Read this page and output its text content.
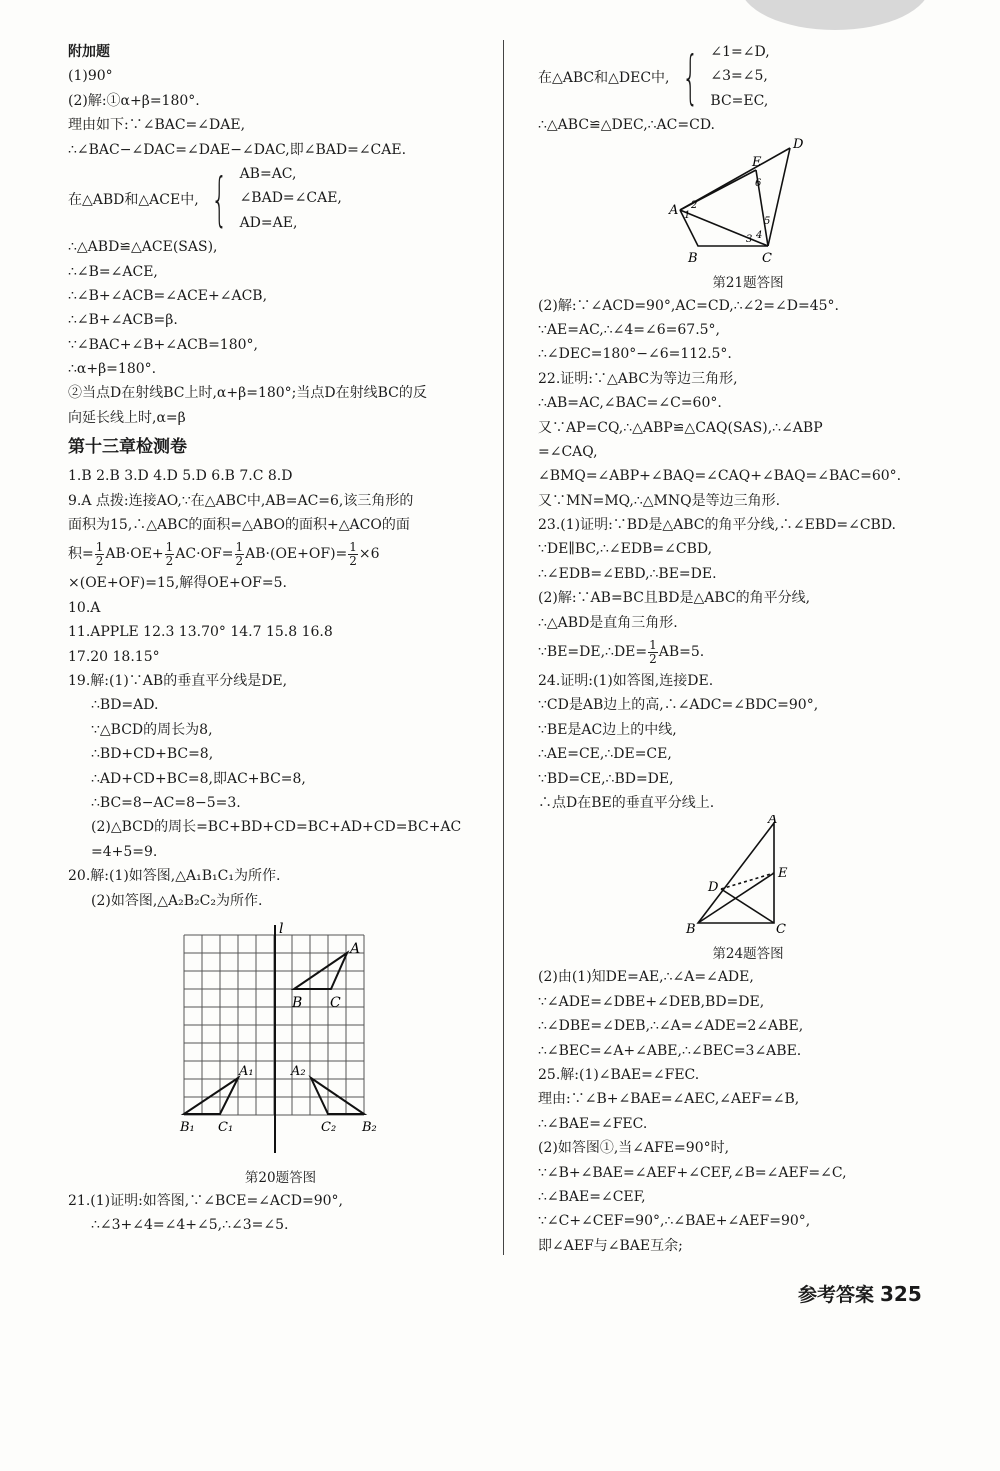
附加题
(1)90°
(2)解:①α+β=180°.
理由如下:∵∠BAC=∠DAE,
∴∠BAC−∠DAC=∠DAE−∠DAC,即∠BAD=∠CAE.
在△ABD和△ACE中, { AB=AC,
∠BAD=∠CAE,
AD=AE,
∴△ABD≌△ACE(SAS),
∴∠B=∠ACE,
∴∠B+∠ACB=∠ACE+∠ACB,
∴∠B+∠ACB=β.
∵∠BAC+∠B+∠ACB=180°,
∴α+β=180°.
②当点D在射线BC上时,α+β=180°;当点D在射线BC的反
向延长线上时,α=β
第十三章检测卷
1.B 2.B 3.D 4.D 5.D 6.B 7.C 8.D
9.A 点拨:连接AO,∵在△ABC中,AB=AC=6,该三角形的
面积为15,∴△ABC的面积=△ABO的面积+△ACO的面
积= $\frac{1}{2} AB\cdot OE+ \frac{1}{2} AC\cdot OF= \frac{1}{2} AB\cdot(OE+OF)= \frac{1}{2} \times 6$
×(OE+OF)=15,解得OE+OF=5.
10.A
11.APPLE 12.3 13.70° 14.7 15.8 16.8
17.20 18.15°
19.解:(1)∵AB的垂直平分线是DE,
∴BD=AD.
∵△BCD的周长为8,
∴BD+CD+BC=8,
∴AD+CD+BC=8,即AC+BC=8,
∴BC=8−AC=8−5=3.
(2)△BCD的周长=BC+BD+CD=BC+AD+CD=BC+AC
=4+5=9.
20.解:(1)如答图,△A₁B₁C₁为所作.
(2)如答图,△A₂B₂C₂为所作.
l
A
B C
A₁
B₁ C₁
A₂
B₂
C₂
第20题答图
21.(1)证明:如答图,∵∠BCE=∠ACD=90°,
∴∠3+∠4=∠4+∠5,∴∠3=∠5.
在△ABC和△DEC中, { ∠1=∠D,
∠3=∠5,
BC=EC,
∴△ABC≌△DEC,∴AC=CD.
A
B	C
D
E
1
2
3 4
5
6
第21题答图
(2)解:∵∠ACD=90°,AC=CD,∴∠2=∠D=45°.
∵AE=AC,∴∠4=∠6=67.5°,
∴∠DEC=180°−∠6=112.5°.
22.证明:∵△ABC为等边三角形,
∴AB=AC,∠BAC=∠C=60°.
又∵AP=CQ,∴△ABP≌△CAQ(SAS),∴∠ABP
=∠CAQ,
∠BMQ=∠ABP+∠BAQ=∠CAQ+∠BAQ=∠BAC=60°.
又∵MN=MQ,∴△MNQ是等边三角形.
23.(1)证明:∵BD是△ABC的角平分线,∴∠EBD=∠CBD.
∵DE∥BC,∴∠EDB=∠CBD,
∴∠EDB=∠EBD,∴BE=DE.
(2)解:∵AB=BC且BD是△ABC的角平分线,
∴△ABD是直角三角形.
∵BE=DE,∴DE= $\frac{1}{2} AB=5$.
24.证明:(1)如答图,连接DE.
∵CD是AB边上的高,∴∠ADC=∠BDC=90°,
∵BE是AC边上的中线,
∴AE=CE,∴DE=CE,
∵BD=CE,∴BD=DE,
∴点D在BE的垂直平分线上.
A
B	C
D
E
第24题答图
(2)由(1)知DE=AE,∴∠A=∠ADE,
∵∠ADE=∠DBE+∠DEB,BD=DE,
∴∠DBE=∠DEB,∴∠A=∠ADE=2∠ABE,
∴∠BEC=∠A+∠ABE,∴∠BEC=3∠ABE.
25.解:(1)∠BAE=∠FEC.
理由:∵∠B+∠BAE=∠AEC,∠AEF=∠B,
∴∠BAE=∠FEC.
(2)如答图①,当∠AFE=90°时,
∵∠B+∠BAE=∠AEF+∠CEF,∠B=∠AEF=∠C,
∴∠BAE=∠CEF,
∵∠C+∠CEF=90°,∴∠BAE+∠AEF=90°,
即∠AEF与∠BAE互余;
参考答案 325
